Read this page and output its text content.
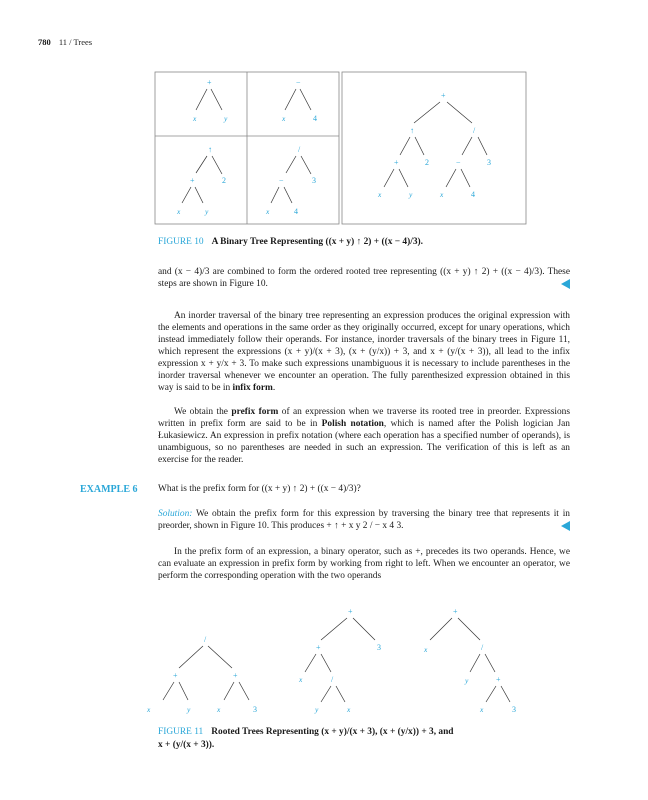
780 11 / Trees
+
x	y
−
x	4
↑
+	2
x	y
/
−	3
x	4
+
↑	/
+	2	−	3
x	y	x	4
FIGURE 10 A Binary Tree Representing ((x + y) ↑ 2) + ((x − 4)/3).
and (x − 4)/3 are combined to form the ordered rooted tree representing ((x + y) ↑ 2) + ((x − 4)/3). These steps are shown in Figure 10.
An inorder traversal of the binary tree representing an expression produces the original expression with the elements and operations in the same order as they originally occurred, except for unary operations, which instead immediately follow their operands. For instance, inorder traversals of the binary trees in Figure 11, which represent the expressions (x + y)/(x + 3), (x + (y/x)) + 3, and x + (y/(x + 3)), all lead to the infix expression x + y/x + 3. To make such expressions unambiguous it is necessary to include parentheses in the inorder traversal whenever we encounter an operation. The fully parenthesized expression obtained in this way is said to be in infix form.
We obtain the prefix form of an expression when we traverse its rooted tree in preorder. Expressions written in prefix form are said to be in Polish notation, which is named after the Polish logician Jan Łukasiewicz. An expression in prefix notation (where each operation has a specified number of operands), is unambiguous, so no parentheses are needed in such an expression. The verification of this is left as an exercise for the reader.
EXAMPLE 6 What is the prefix form for ((x + y) ↑ 2) + ((x − 4)/3)?
Solution: We obtain the prefix form for this expression by traversing the binary tree that represents it in preorder, shown in Figure 10. This produces + ↑ + x y 2 / − x 4 3.
In the prefix form of an expression, a binary operator, such as +, precedes its two operands. Hence, we can evaluate an expression in prefix form by working from right to left. When we encounter an operator, we perform the corresponding operation with the two operands
/
+	+
x	y	x	3
+
+	3
x	/
y	x
+
x	/
y	+
x	3
FIGURE 11 Rooted Trees Representing (x + y)/(x + 3), (x + (y/x)) + 3, and
x + (y/(x + 3)).
